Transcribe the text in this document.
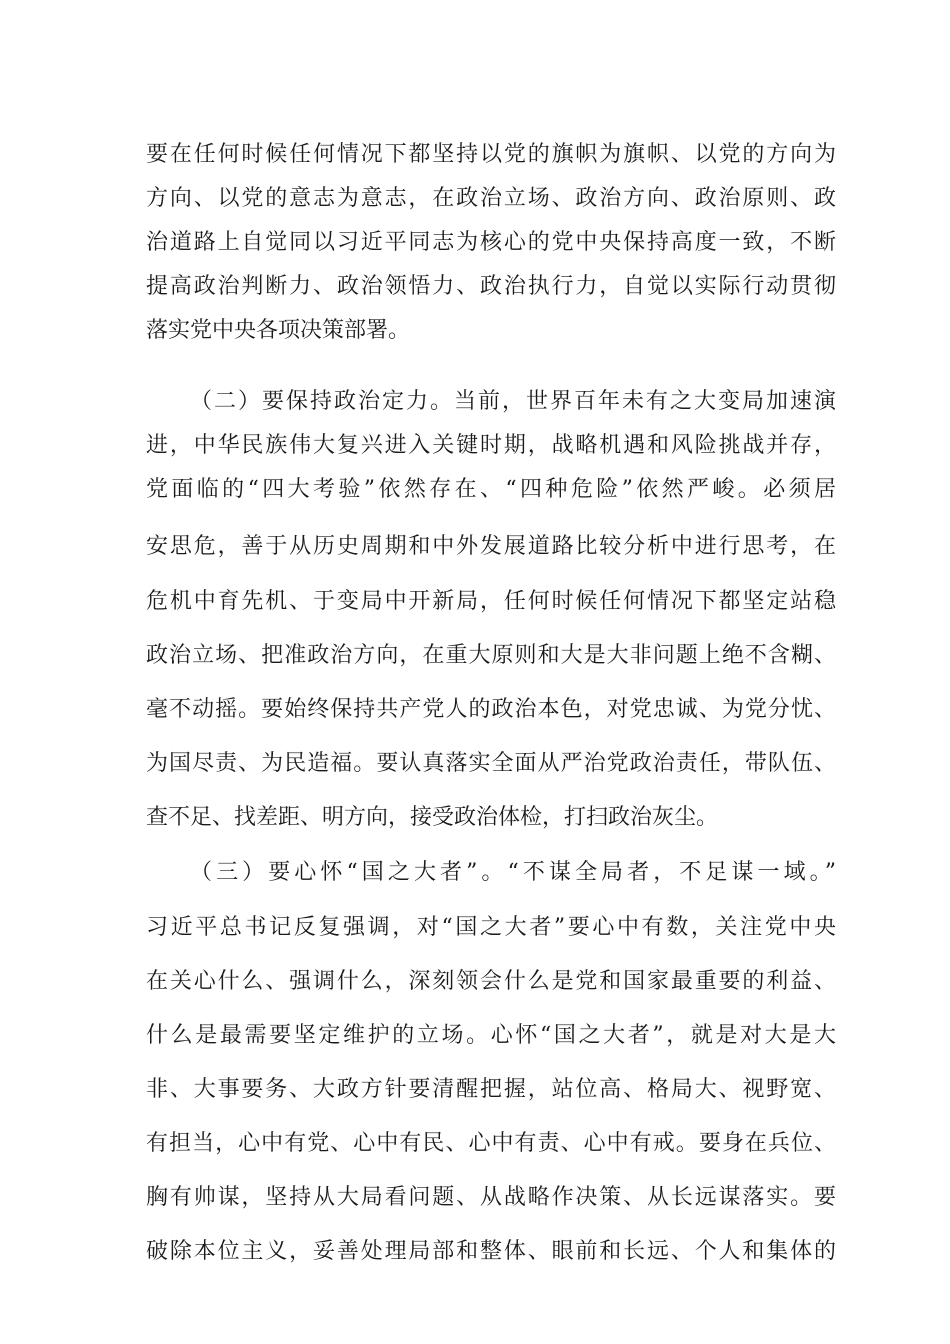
要在任何时候任何情况下都坚持以党的旗帜为旗帜、以党的方向为
方向、以党的意志为意志，在政治立场、政治方向、政治原则、政
治道路上自觉同以习近平同志为核心的党中央保持高度一致，不断
提高政治判断力、政治领悟力、政治执行力，自觉以实际行动贯彻
落实党中央各项决策部署。
（二）要保持政治定力。当前，世界百年未有之大变局加速演
进，中华民族伟大复兴进入关键时期，战略机遇和风险挑战并存，
党面临的“四大考验”依然存在、“四种危险”依然严峻。必须居
安思危，善于从历史周期和中外发展道路比较分析中进行思考，在
危机中育先机、于变局中开新局，任何时候任何情况下都坚定站稳
政治立场、把准政治方向，在重大原则和大是大非问题上绝不含糊、
毫不动摇。要始终保持共产党人的政治本色，对党忠诚、为党分忧、
为国尽责、为民造福。要认真落实全面从严治党政治责任，带队伍、
查不足、找差距、明方向，接受政治体检，打扫政治灰尘。
（三）要心怀“国之大者”。“不谋全局者，不足谋一域。”
习近平总书记反复强调，对“国之大者”要心中有数，关注党中央
在关心什么、强调什么，深刻领会什么是党和国家最重要的利益、
什么是最需要坚定维护的立场。心怀“国之大者”，就是对大是大
非、大事要务、大政方针要清醒把握，站位高、格局大、视野宽、
有担当，心中有党、心中有民、心中有责、心中有戒。要身在兵位、
胸有帅谋，坚持从大局看问题、从战略作决策、从长远谋落实。要
破除本位主义，妥善处理局部和整体、眼前和长远、个人和集体的
